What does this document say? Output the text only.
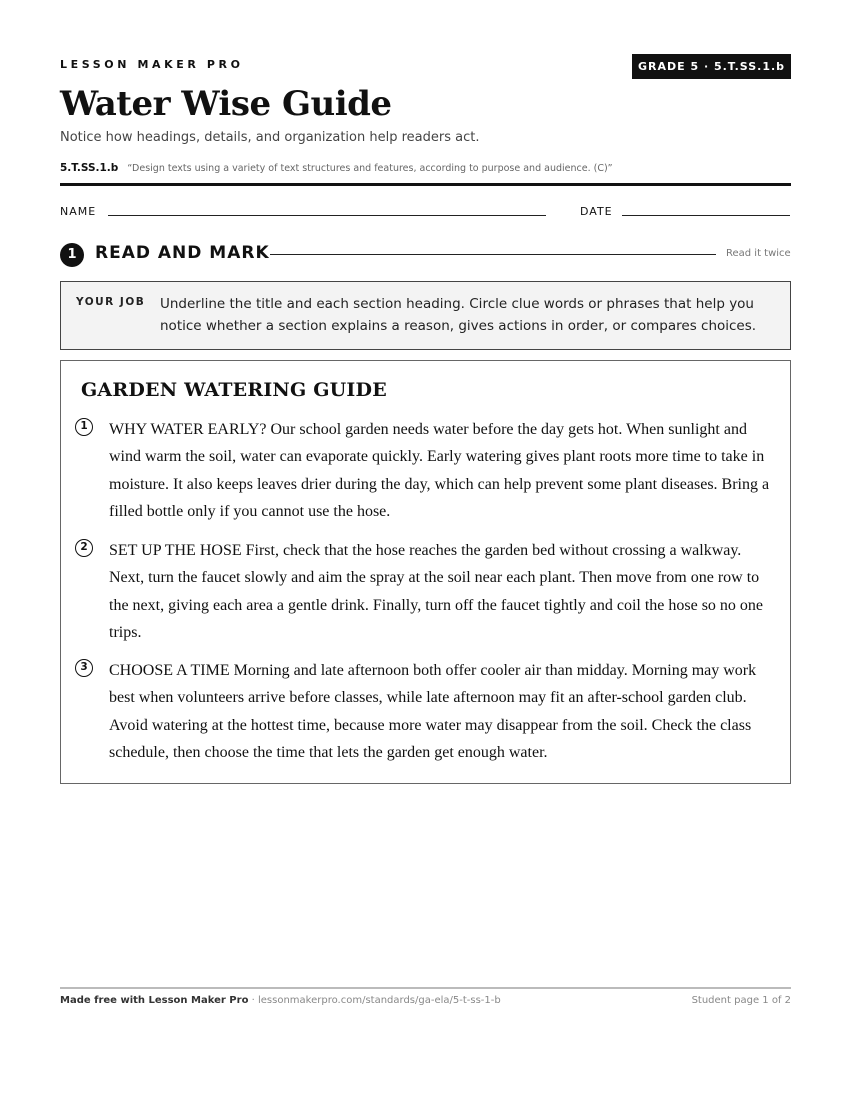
LESSON MAKER PRO	GRADE 5 · 5.T.SS.1.b
Water Wise Guide
Notice how headings, details, and organization help readers act.
5.T.SS.1.b “Design texts using a variety of text structures and features, according to purpose and audience. (C)”
NAME	DATE
1	READ AND MARK	Read it twice
YOUR JOB Underline the title and each section heading. Circle clue words or phrases that help you notice whether a section explains a reason, gives actions in order, or compares choices.
GARDEN WATERING GUIDE
1	WHY WATER EARLY? Our school garden needs water before the day gets hot. When sunlight and wind warm the soil, water can evaporate quickly. Early watering gives plant roots more time to take in moisture. It also keeps leaves drier during the day, which can help prevent some plant diseases. Bring a filled bottle only if you cannot use the hose.
2	SET UP THE HOSE First, check that the hose reaches the garden bed without crossing a walkway. Next, turn the faucet slowly and aim the spray at the soil near each plant. Then move from one row to the next, giving each area a gentle drink. Finally, turn off the faucet tightly and coil the hose so no one trips.
3	CHOOSE A TIME Morning and late afternoon both offer cooler air than midday. Morning may work best when volunteers arrive before classes, while late afternoon may fit an after-school garden club. Avoid watering at the hottest time, because more water may disappear from the soil. Check the class schedule, then choose the time that lets the garden get enough water.
Made free with Lesson Maker Pro · lessonmakerpro.com/standards/ga-ela/5-t-ss-1-b	Student page 1 of 2
